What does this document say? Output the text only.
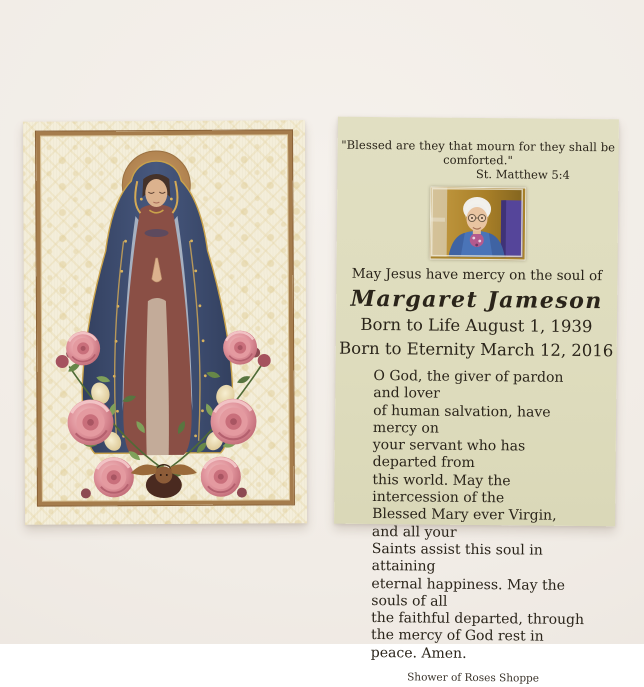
"Blessed are they that mourn for they shall be comforted."
St. Matthew 5:4
May Jesus have mercy on the soul of
Margaret Jameson
Born to Life August 1, 1939
Born to Eternity March 12, 2016
O God, the giver of pardon and lover
of human salvation, have mercy on
your servant who has departed from
this world. May the intercession of the
Blessed Mary ever Virgin, and all your
Saints assist this soul in attaining
eternal happiness. May the souls of all
the faithful departed, through
the mercy of God rest in peace. Amen.
Shower of Roses Shoppe
